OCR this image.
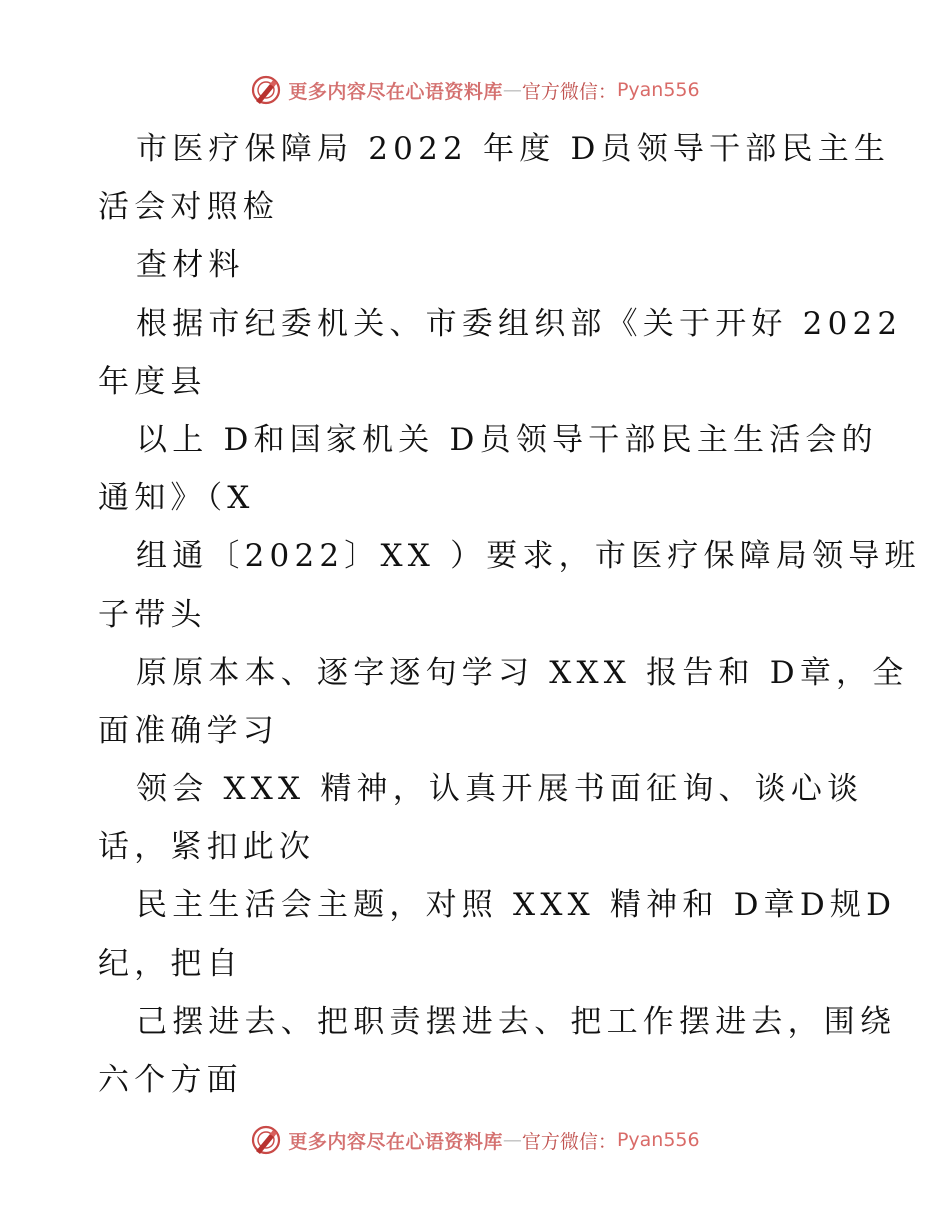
更多内容尽在心语资料库 — 官方微信： Pyan556
市医疗保障局 2022 年度 D员领导干部民主生
活会对照检
查材料
根据市纪委机关、市委组织部《关于开好 2022
年度县
以上 D和国家机关 D员领导干部民主生活会的
通知》（X
组通〔2022〕XX ）要求，市医疗保障局领导班
子带头
原原本本、逐字逐句学习 XXX 报告和 D章，全
面准确学习
领会 XXX 精神，认真开展书面征询、谈心谈
话，紧扣此次
民主生活会主题，对照 XXX 精神和 D章D规D
纪，把自
己摆进去、把职责摆进去、把工作摆进去，围绕
六个方面
更多内容尽在心语资料库 — 官方微信： Pyan556
